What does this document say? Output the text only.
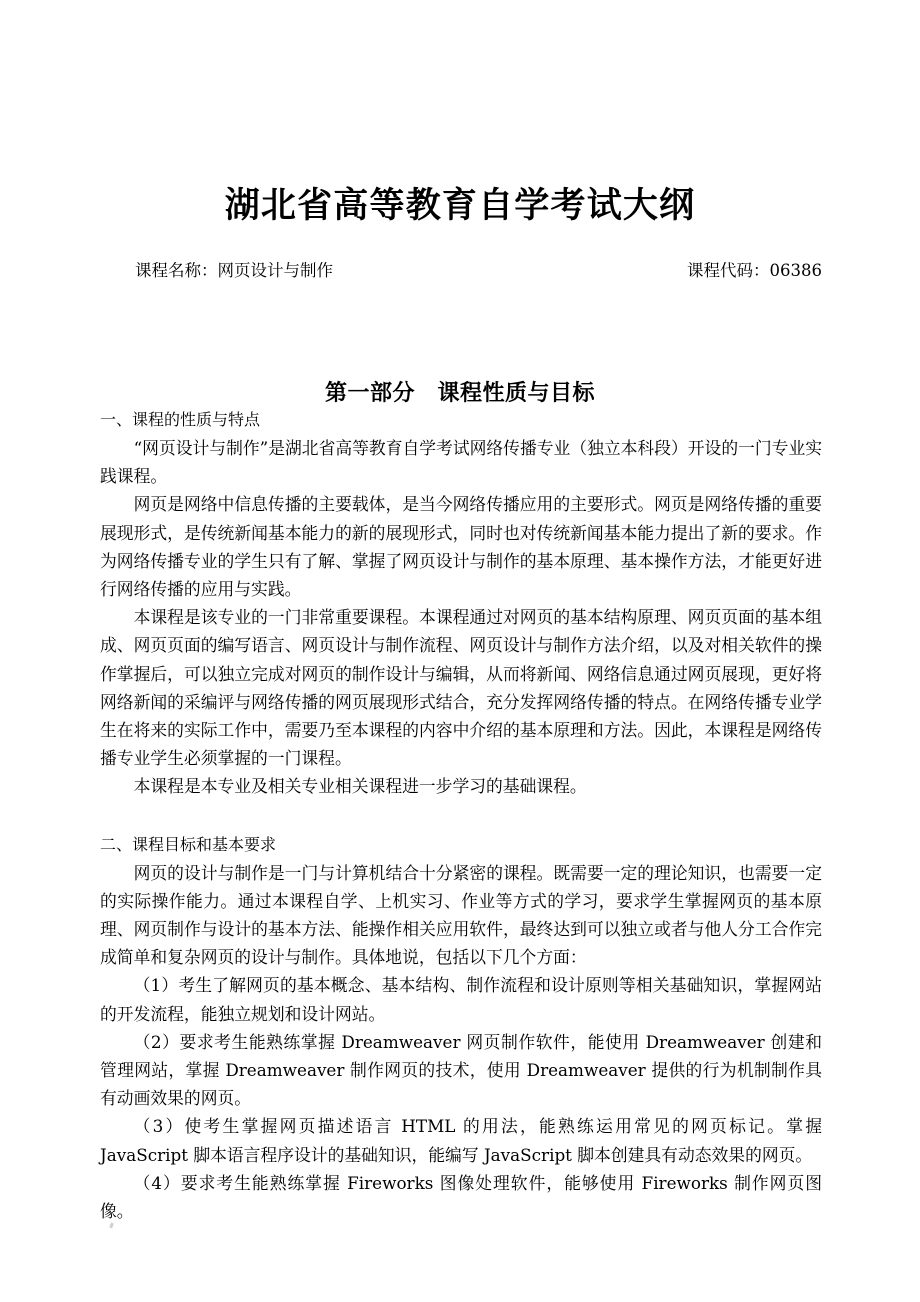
湖北省高等教育自学考试大纲
课程名称：网页设计与制作	课程代码：06386
第一部分　课程性质与目标

一、课程的性质与特点

“网页设计与制作”是湖北省高等教育自学考试网络传播专业（独立本科段）开设的一门专业实践课程。

网页是网络中信息传播的主要载体，是当今网络传播应用的主要形式。网页是网络传播的重要展现形式，是传统新闻基本能力的新的展现形式，同时也对传统新闻基本能力提出了新的要求。作为网络传播专业的学生只有了解、掌握了网页设计与制作的基本原理、基本操作方法，才能更好进行网络传播的应用与实践。

本课程是该专业的一门非常重要课程。本课程通过对网页的基本结构原理、网页页面的基本组成、网页页面的编写语言、网页设计与制作流程、网页设计与制作方法介绍，以及对相关软件的操作掌握后，可以独立完成对网页的制作设计与编辑，从而将新闻、网络信息通过网页展现，更好将网络新闻的采编评与网络传播的网页展现形式结合，充分发挥网络传播的特点。在网络传播专业学生在将来的实际工作中，需要乃至本课程的内容中介绍的基本原理和方法。因此，本课程是网络传播专业学生必须掌握的一门课程。

本课程是本专业及相关专业相关课程进一步学习的基础课程。

二、课程目标和基本要求

网页的设计与制作是一门与计算机结合十分紧密的课程。既需要一定的理论知识，也需要一定的实际操作能力。通过本课程自学、上机实习、作业等方式的学习，要求学生掌握网页的基本原理、网页制作与设计的基本方法、能操作相关应用软件，最终达到可以独立或者与他人分工合作完成简单和复杂网页的设计与制作。具体地说，包括以下几个方面：

（1）考生了解网页的基本概念、基本结构、制作流程和设计原则等相关基础知识，掌握网站的开发流程，能独立规划和设计网站。

（2）要求考生能熟练掌握 Dreamweaver 网页制作软件，能使用 Dreamweaver 创建和管理网站，掌握 Dreamweaver 制作网页的技术，使用 Dreamweaver 提供的行为机制制作具有动画效果的网页。

（3）使考生掌握网页描述语言 HTML 的用法，能熟练运用常见的网页标记。掌握 JavaScript 脚本语言程序设计的基础知识，能编写 JavaScript 脚本创建具有动态效果的网页。

（4）要求考生能熟练掌握 Fireworks 图像处理软件，能够使用 Fireworks 制作网页图像。
